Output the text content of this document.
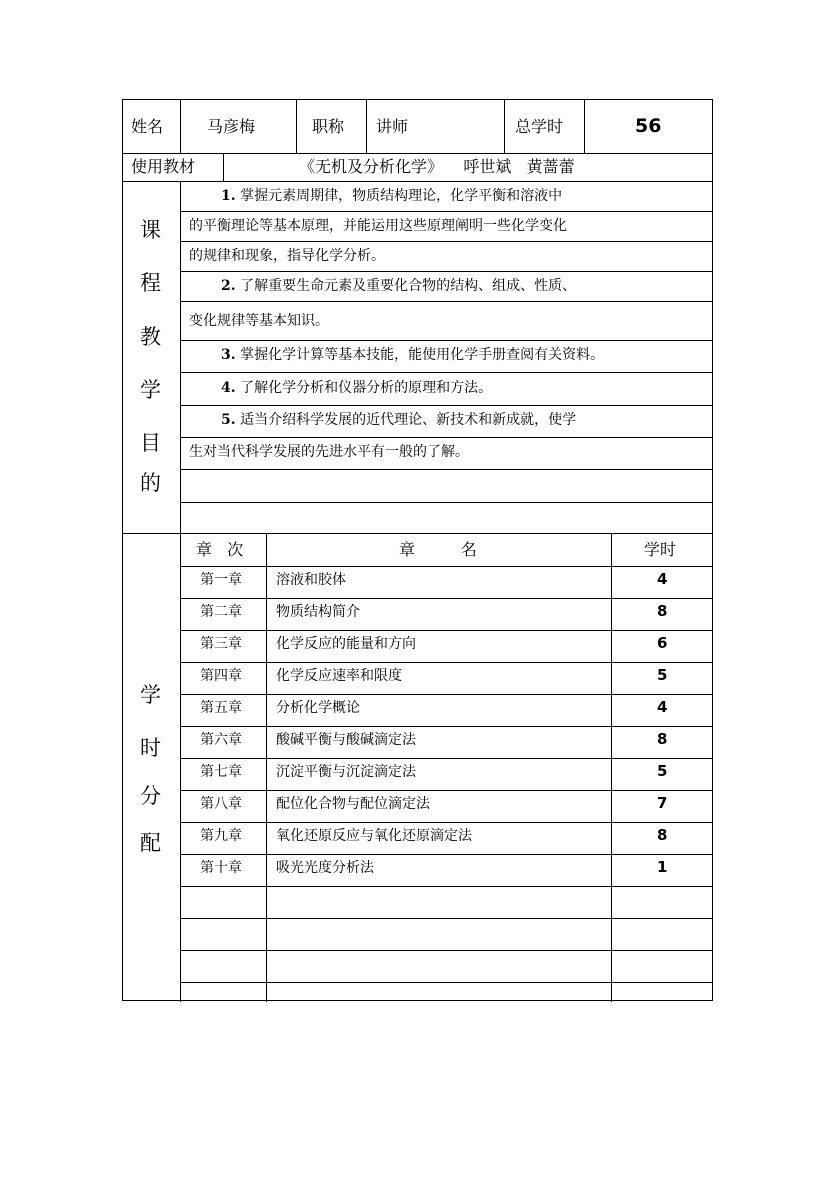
姓名	马彦梅	职称 讲师	总学时	56
使用教材	《无机及分析化学》    呼世斌   黄蔷蕾
课
程
教
学
目
的
1. 掌握元素周期律，物质结构理论，化学平衡和溶液中
的平衡理论等基本原理，并能运用这些原理阐明一些化学变化
的规律和现象，指导化学分析。
2. 了解重要生命元素及重要化合物的结构、组成、性质、
变化规律等基本知识。
3. 掌握化学计算等基本技能，能使用化学手册查阅有关资料。
4. 了解化学分析和仪器分析的原理和方法。
5. 适当介绍科学发展的近代理论、新技术和新成就，使学
生对当代科学发展的先进水平有一般的了解。
学
时
分
配
章   次	章         名	学时
第一章 溶液和胶体	4
第二章 物质结构简介	8
第三章 化学反应的能量和方向	6
第四章 化学反应速率和限度	5
第五章 分析化学概论	4
第六章 酸碱平衡与酸碱滴定法	8
第七章 沉淀平衡与沉淀滴定法	5
第八章 配位化合物与配位滴定法	7
第九章 氧化还原反应与氧化还原滴定法	8
第十章 吸光光度分析法	1
